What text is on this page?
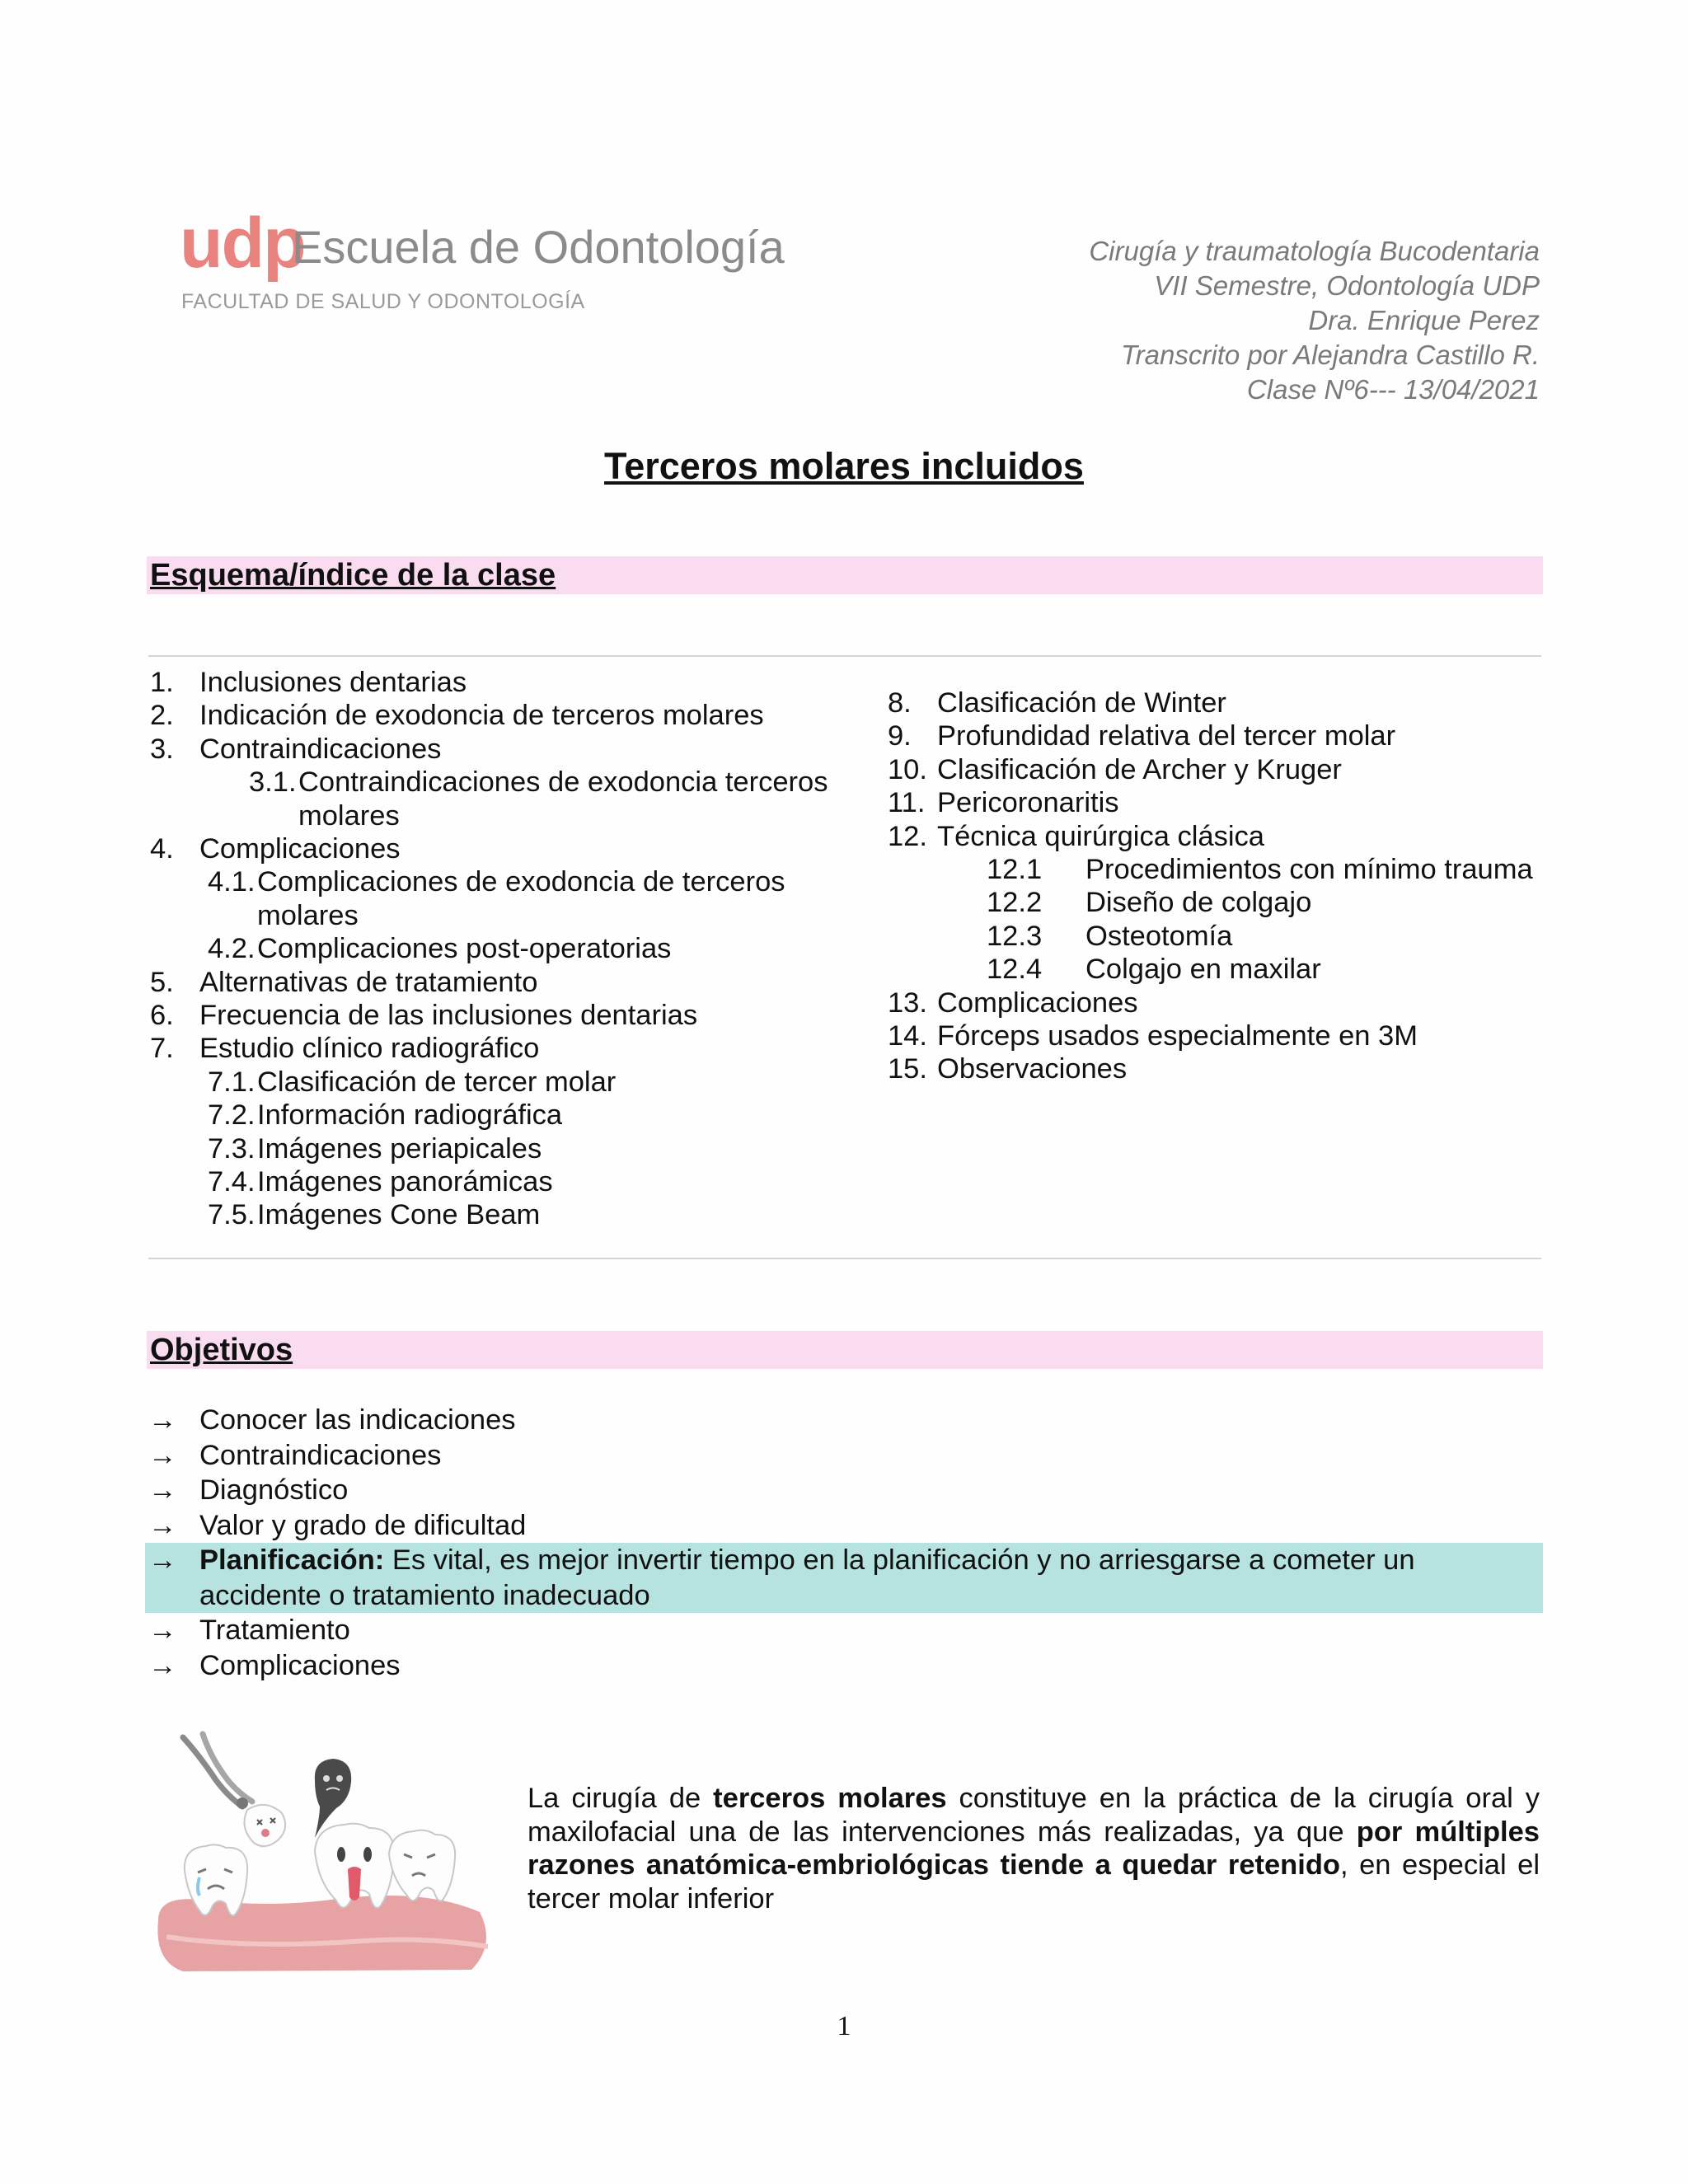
udp
Escuela de Odontología
FACULTAD DE SALUD Y ODONTOLOGÍA
Cirugía y traumatología Bucodentaria
VII Semestre, Odontología UDP
Dra. Enrique Perez
Transcrito por Alejandra Castillo R.
Clase Nº6--- 13/04/2021
Terceros molares incluidos
Esquema/índice de la clase
1. Inclusiones dentarias
2. Indicación de exodoncia de terceros molares
3. Contraindicaciones
3.1. Contraindicaciones de exodoncia terceros molares
4. Complicaciones
4.1. Complicaciones de exodoncia de terceros molares
4.2. Complicaciones post-operatorias
5. Alternativas de tratamiento
6. Frecuencia de las inclusiones dentarias
7. Estudio clínico radiográfico
7.1. Clasificación de tercer molar
7.2. Información radiográfica
7.3. Imágenes periapicales
7.4. Imágenes panorámicas
7.5. Imágenes Cone Beam
8. Clasificación de Winter
9. Profundidad relativa del tercer molar
10. Clasificación de Archer y Kruger
11. Pericoronaritis
12. Técnica quirúrgica clásica
12.1 Procedimientos con mínimo trauma
12.2 Diseño de colgajo
12.3 Osteotomía
12.4 Colgajo en maxilar
13. Complicaciones
14. Fórceps usados especialmente en 3M
15. Observaciones
Objetivos
→ Conocer las indicaciones
→ Contraindicaciones
→ Diagnóstico
→ Valor y grado de dificultad
→ Planificación: Es vital, es mejor invertir tiempo en la planificación y no arriesgarse a cometer un accidente o tratamiento inadecuado
→ Tratamiento
→ Complicaciones
La cirugía de terceros molares constituye en la práctica de la cirugía oral y maxilofacial una de las intervenciones más realizadas, ya que por múltiples razones anatómica-embriológicas tiende a quedar retenido, en especial el tercer molar inferior
1
